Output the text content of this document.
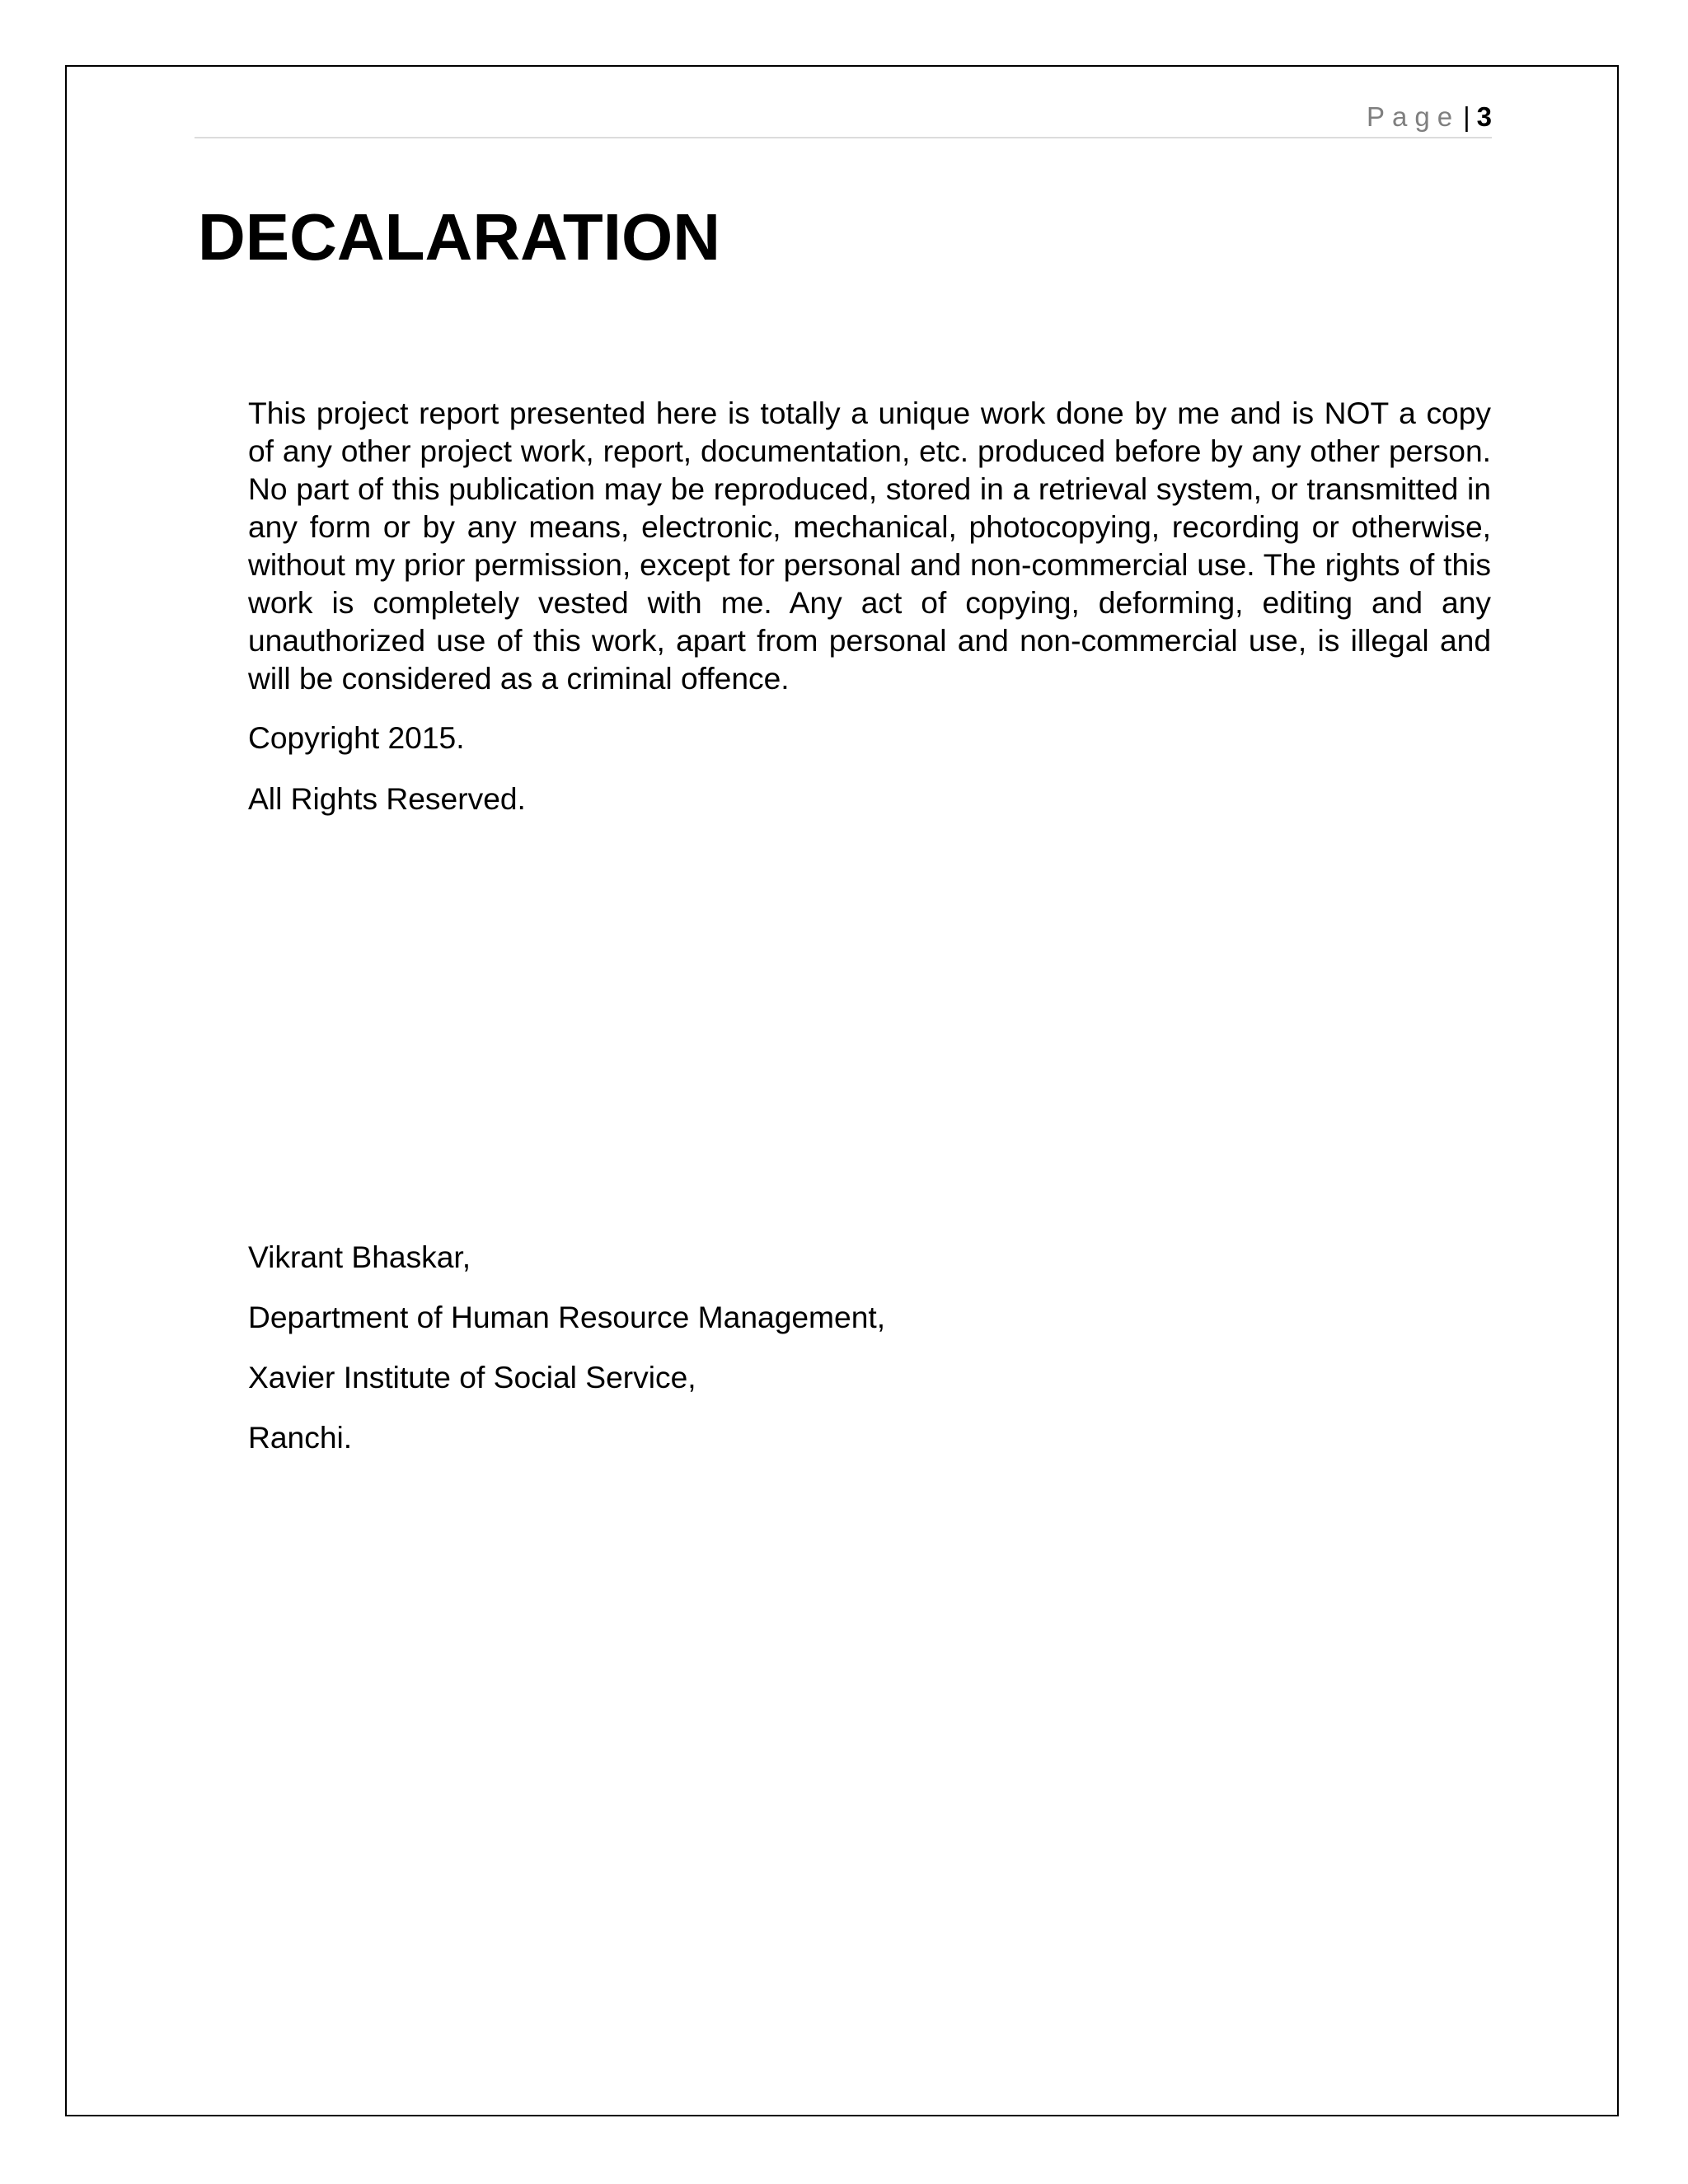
Page | 3
DECALARATION

This project report presented here is totally a unique work done by me and is NOT a copy of any other project work, report, documentation, etc. produced before by any other person. No part of this publication may be reproduced, stored in a retrieval system, or transmitted in any form or by any means, electronic, mechanical, photocopying, recording or otherwise, without my prior permission, except for personal and non-commercial use. The rights of this work is completely vested with me. Any act of copying, deforming, editing and any unauthorized use of this work, apart from personal and non-commercial use, is illegal and will be considered as a criminal offence.

Copyright 2015.

All Rights Reserved.

Vikrant Bhaskar,

Department of Human Resource Management,

Xavier Institute of Social Service,

Ranchi.
